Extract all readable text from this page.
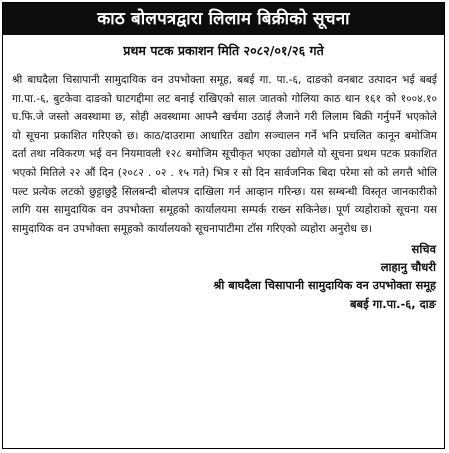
काठ बोलपत्रद्वारा लिलाम बिक्रीको सूचना
प्रथम पटक प्रकाशन मिति २०८२/०१/२६ गते
श्री बाघदैला चिसापानी सामुदायिक वन उपभोक्ता समूह, बबई गा. पा.-६, दाङको वनबाट उत्पादन भई बबई गा.पा.-६, बुटकेवा दाङको घाटगद्दीमा लट बनाई राखिएको साल जातको गोलिया काठ थान १६१ को १००४.१० घ.फि.जे जस्तो अवस्थामा छ, सोही अवस्थामा आफ्नै खर्चमा उठाई लैजाने गरी लिलाम बिक्री गर्नुपर्ने भएकोले यो सूचना प्रकाशित गरिएको छ। काठ/दाउरामा आधारित उद्योग सञ्चालन गर्ने भनि प्रचलित कानून बमोजिम दर्ता तथा नविकरण भई वन नियमावली १२८ बमोजिम सूचीकृत भएका उद्योगले यो सूचना प्रथम पटक प्रकाशित भएको मितिले २२ औं दिन (२०८२ . ०२ . १५ गते) भित्र र सो दिन सार्वजनिक बिदा परेमा सो को लगत्तै भोलि पल्ट प्रत्येक लटको छुट्टाछुट्टै सिलबन्दी बोलपत्र दाखिला गर्न आव्हान गरिन्छ। यस सम्बन्धी विस्तृत जानकारीको लागि यस सामुदायिक वन उपभोक्ता समूहको कार्यालयमा सम्पर्क राख्न सकिनेछ। पूर्ण व्यहोराको सूचना यस सामुदायिक वन उपभोक्ता समूहको कार्यालयको सूचनापाटीमा टाँस गरिएको व्यहोरा अनुरोध छ।
सचिव
लाहानु चौधरी
श्री बाघदैला चिसापानी सामुदायिक वन उपभोक्ता समूह
बबई गा.पा.-६, दाङ
